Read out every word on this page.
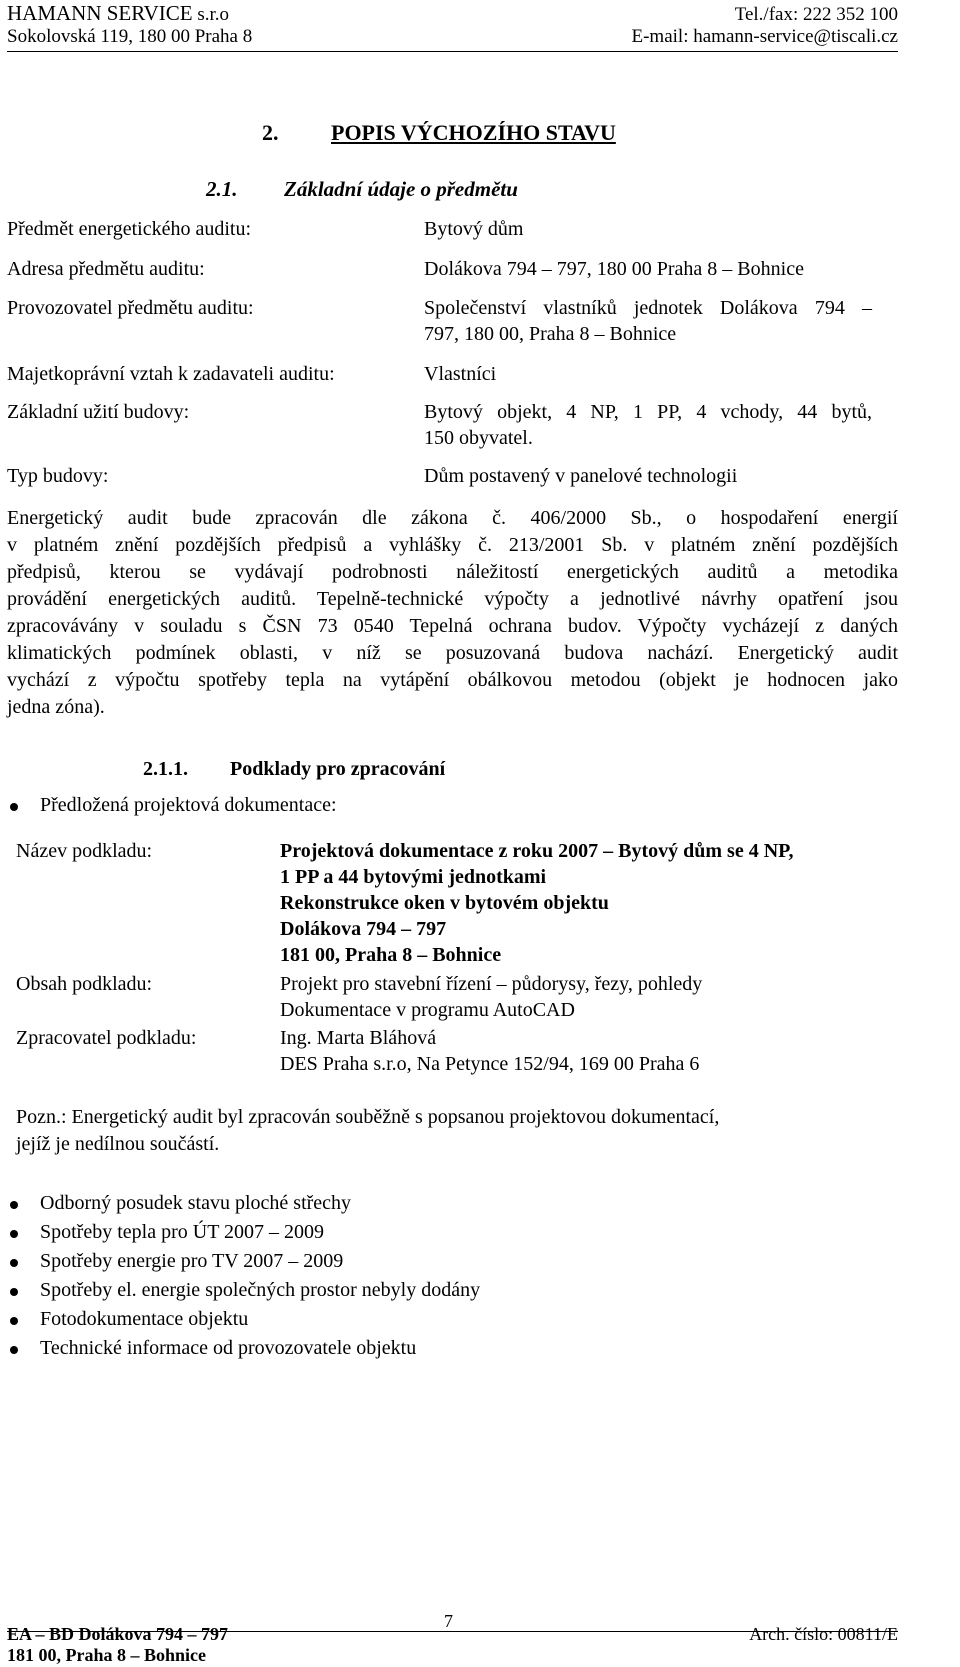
HAMANN SERVICE s.r.o
Sokolovská 119, 180 00 Praha 8
Tel./fax: 222 352 100
E-mail: hamann-service@tiscali.cz
2. POPIS VÝCHOZÍHO STAVU
2.1. Základní údaje o předmětu
Předmět energetického auditu:	Bytový dům
Adresa předmětu auditu:	Dolákova 794 – 797, 180 00 Praha 8 – Bohnice
Provozovatel předmětu auditu:	Společenství vlastníků jednotek Dolákova 794 –
797, 180 00, Praha 8 – Bohnice
Majetkoprávní vztah k zadavateli auditu:	Vlastníci
Základní užití budovy:	Bytový objekt, 4 NP, 1 PP, 4 vchody, 44 bytů,
150 obyvatel.
Typ budovy:	Dům postavený v panelové technologii
Energetický audit bude zpracován dle zákona č. 406/2000 Sb., o hospodaření energií
v platném znění pozdějších předpisů a vyhlášky č. 213/2001 Sb. v platném znění pozdějších
předpisů, kterou se vydávají podrobnosti náležitostí energetických auditů a metodika
provádění energetických auditů. Tepelně-technické výpočty a jednotlivé návrhy opatření jsou
zpracovávány v souladu s ČSN 73 0540 Tepelná ochrana budov. Výpočty vycházejí z daných
klimatických podmínek oblasti, v níž se posuzovaná budova nachází. Energetický audit
vychází z výpočtu spotřeby tepla na vytápění obálkovou metodou (objekt je hodnocen jako
jedna zóna).
2.1.1. Podklady pro zpracování
Předložená projektová dokumentace:
Název podkladu:	Projektová dokumentace z roku 2007 – Bytový dům se 4 NP,
1 PP a 44 bytovými jednotkami
Rekonstrukce oken v bytovém objektu
Dolákova 794 – 797
181 00, Praha 8 – Bohnice
Obsah podkladu:	Projekt pro stavební řízení – půdorysy, řezy, pohledy
Dokumentace v programu AutoCAD
Zpracovatel podkladu:	Ing. Marta Bláhová
DES Praha s.r.o, Na Petynce 152/94, 169 00 Praha 6
Pozn.: Energetický audit byl zpracován souběžně s popsanou projektovou dokumentací,
jejíž je nedílnou součástí.
Odborný posudek stavu ploché střechy
Spotřeby tepla pro ÚT 2007 – 2009
Spotřeby energie pro TV 2007 – 2009
Spotřeby el. energie společných prostor nebyly dodány
Fotodokumentace objektu
Technické informace od provozovatele objektu
7
EA – BD Dolákova 794 – 797
181 00, Praha 8 – Bohnice
Arch. číslo: 00811/E
